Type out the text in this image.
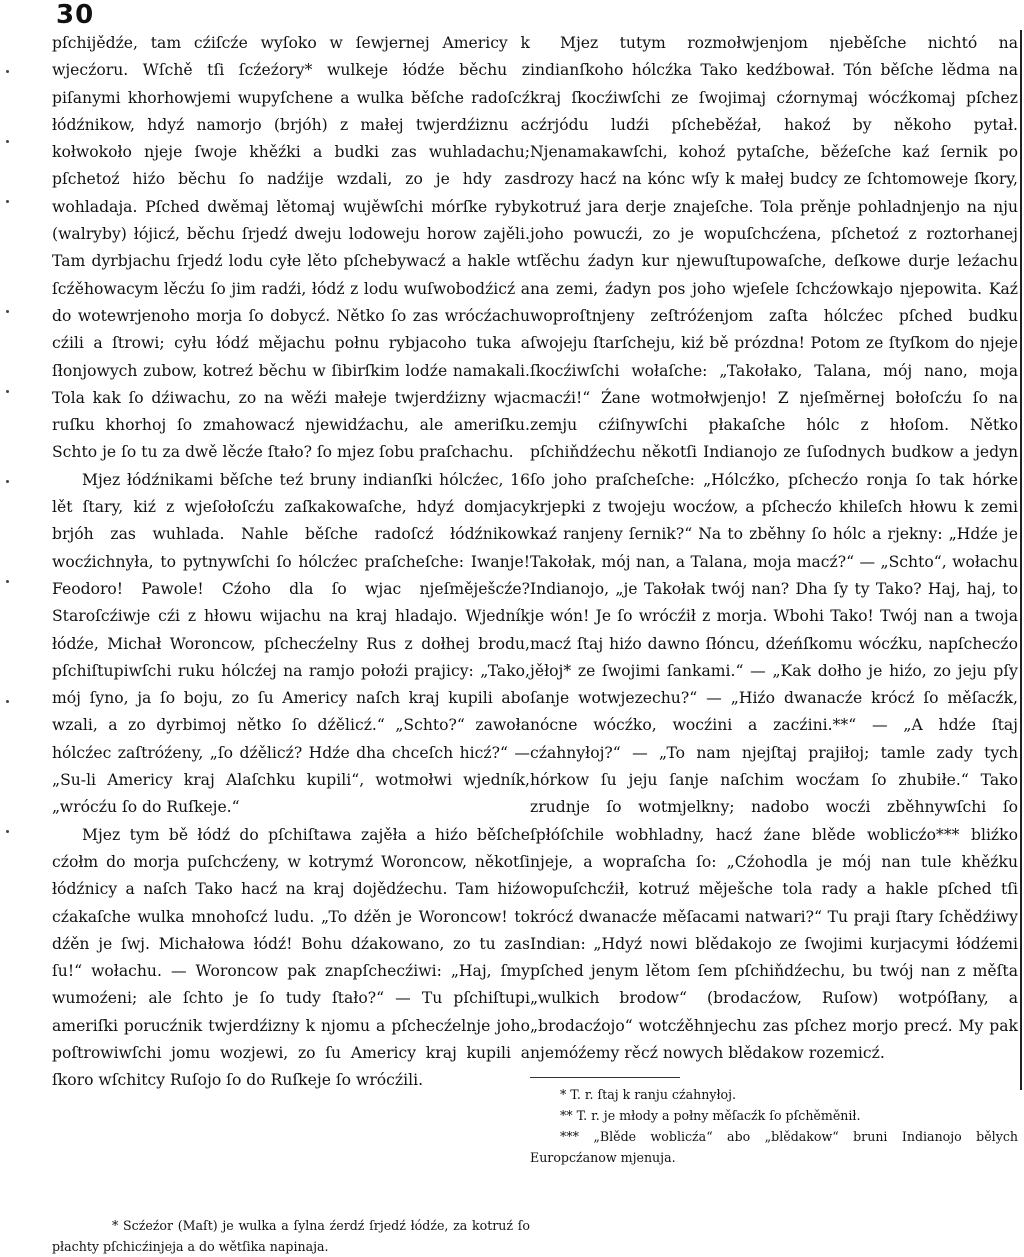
30

pſchijědźe, tam cźiſcźe wyſoko w ſewjernej Americy k wjecźoru. Wſchě tſi ſcźeźory* wulkeje łódźe běchu z piſanymi khorhowjemi wupyſchene a wulka běſche radoſcź łódźnikow, hdyź namorjo (brjóh) z małej twjerdźiznu a kołwokoło njeje ſwoje khěźki a budki zas wuhladachu; pſchetoź hiźo běchu ſo nadźije wzdali, zo je hdy zas wohladaja. Pſched dwěmaj lětomaj wujěwſchi mórſke ryby (walryby) łójicź, běchu ſrjedź dweju lodoweju horow zajěli. Tam dyrbjachu ſrjedź lodu cyłe lěto pſchebywacź a hakle w ſcźěhowacym lěcźu ſo jim radźi, łódź z lodu wuſwobodźicź a do wotewrjenoho morja ſo dobycź. Nětko ſo zas wrócźachu cźili a ſtrowi; cyłu łódź mějachu połnu rybjacoho tuka a ſłonjowych zubow, kotreź běchu w ſibirſkim lodźe namakali. Tola kak ſo dźiwachu, zo na wěźi małeje twjerdźizny wjac ruſku khorhoj ſo zmahowacź njewidźachu, ale ameriſku. Schto je ſo tu za dwě lěcźe ſtało? ſo mjez ſobu praſchachu.

Mjez łódźnikami běſche teź bruny indianſki hólcźec, 16 lět ſtary, kiź z wjeſołoſcźu zaſkakowaſche, hdyź domjacy brjóh zas wuhlada. Nahle běſche radoſcź łódźnikow wocźichnyła, to pytnywſchi ſo hólcźec praſcheſche: Iwanje! Feodoro! Pawole! Cźoho dla ſo wjac njeſměješcźe? Staroſcźiwje cźi z hłowu wijachu na kraj hladajo. Wjedník łódźe, Michał Woroncow, pſchecźelny Rus z dołhej brodu, pſchiſtupiwſchi ruku hólcźej na ramjo połoźi prajicy: „Tako, mój ſyno, ja ſo boju, zo ſu Americy naſch kraj kupili abo wzali, a zo dyrbimoj nětko ſo dźělicź.“ „Schto?“ zawoła hólcźec zaſtróźeny, „ſo dźělicź? Hdźe dha chceſch hicź?“ — „Su-li Americy kraj Alaſchku kupili“, wotmołwi wjedník, „wrócźu ſo do Ruſkeje.“

Mjez tym bě łódź do pſchiſtawa zajěła a hiźo běſche cźołm do morja puſchcźeny, w kotrymź Woroncow, někotſi łódźnicy a naſch Tako hacź na kraj dojědźechu. Tam hiźo cźakaſche wulka mnohoſcź ludu. „To dźěn je Woroncow! to dźěn je ſwj. Michałowa łódź! Bohu dźakowano, zo tu zas ſu!“ wołachu. — Woroncow pak znapſchecźiwi: „Haj, ſmy wumoźeni; ale ſchto je ſo tudy ſtało?“ — Tu pſchiſtupi ameriſki porucźnik twjerdźizny k njomu a pſchecźelnje joho poſtrowiwſchi jomu wozjewi, zo ſu Americy kraj kupili a ſkoro wſchitcy Ruſojo ſo do Ruſkeje ſo wrócźili.

* Scźeźor (Maſt) je wulka a ſylna źerdź ſrjedź łódźe, za kotruź ſo płachty pſchicźinjeja a do wětſika napinaja.

Mjez tutym rozmołwjenjom njeběſche nichtó na indianſkoho hólcźka Tako kedźbował. Tón běſche lědma na kraj ſkocźiwſchi ze ſwojimaj cźornymaj wócźkomaj pſchez cźrjódu ludźi pſcheběźał, hakoź by někoho pytał. Njenamakawſchi, kohoź pytaſche, běźeſche kaź ſernik po drozy hacź na kónc wſy k małej budcy ze ſchtomoweje ſkory, kotruź jara derje znajeſche. Tola prěnje pohladnjenjo na nju joho powucźi, zo je wopuſchcźena, pſchetoź z roztorhanej tſěchu źadyn kur njewuſtupowaſche, deſkowe durje leźachu na zemi, źadyn pos joho wjeſele ſchcźowkajo njepowita. Kaź woproſtnjeny zeſtróźenjom zaſta hólcźec pſched budku ſwojeju ſtarſcheju, kiź bě prózdna! Potom ze ſtyſkom do njeje ſkocźiwſchi wołaſche: „Takołako, Talana, mój nano, moja macźi!“ Źane wotmołwjenjo! Z njeſměrnej bołoſcźu ſo na zemju cźiſnywſchi płakaſche hólc z hłoſom. Nětko pſchiňdźechu někotſi Indianojo ze ſuſodnych budkow a jedyn ſo joho praſcheſche: „Hólcźko, pſchecźo ronja ſo tak hórke krjepki z twojeju wocźow, a pſchecźo khileſch hłowu k zemi kaź ranjeny ſernik?“ Na to zběhny ſo hólc a rjekny: „Hdźe je Takołak, mój nan, a Talana, moja macź?“ — „Schto“, wołachu Indianojo, „je Takołak twój nan? Dha ſy ty Tako? Haj, haj, to je wón! Je ſo wrócźił z morja. Wbohi Tako! Twój nan a twoja macź ſtaj hiźo dawno ſłóncu, dźeńſkomu wócźku, napſchecźo jěłoj* ze ſwojimi ſankami.“ — „Kak dołho je hiźo, zo jeju pſy ſanje wotwjezechu?“ — „Hiźo dwanacźe krócź ſo měſacźk, nócne wócźko, wocźini a zacźini.**“ — „A hdźe ſtaj cźahnyłoj?“ — „To nam njejſtaj prajiłoj; tamle zady tych hórkow ſu jeju ſanje naſchim wocźam ſo zhubiłe.“ Tako zrudnje ſo wotmjelkny; nadobo wocźi zběhnywſchi ſo ſpłóſchile wobhladny, hacź źane blěde woblicźo*** bliźko njeje, a wopraſcha ſo: „Cźohodla je mój nan tule khěźku wopuſchcźił, kotruź měješche tola rady a hakle pſched tſi krócź dwanacźe měſacami natwari?“ Tu praji ſtary ſchědźiwy Indian: „Hdyź nowi blědakojo ze ſwojimi kurjacymi łódźemi pſched jenym lětom ſem pſchiňdźechu, bu twój nan z měſta „wulkich brodow“ (brodacźow, Ruſow) wotpóſłany, a „brodacźojo“ wotcźěhnjechu zas pſchez morjo precź. My pak njemóźemy rěcź nowych blědakow rozemicź.

* T. r. ſtaj k ranju cźahnyłoj.

** T. r. je młody a połny měſacźk ſo pſchěměnił.

*** „Blěde woblicźa“ abo „blědakow“ bruni Indianojo bělych Europcźanow mjenuja.
